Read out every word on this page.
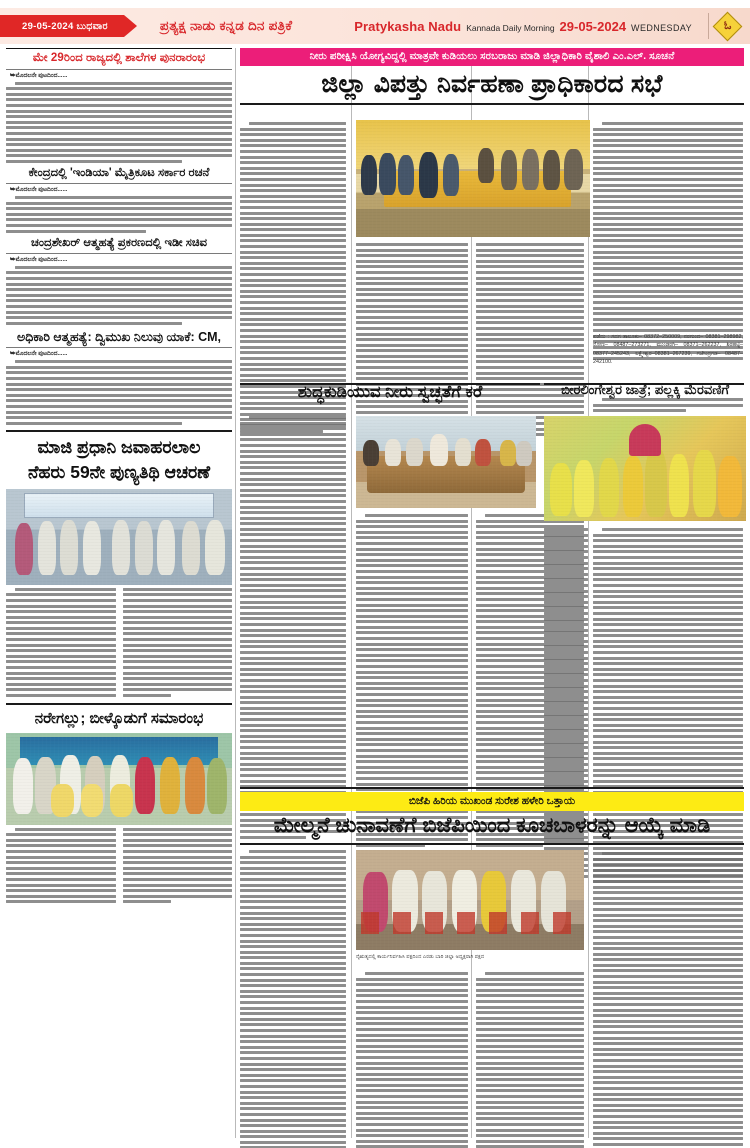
29-05-2024 ಬುಧವಾರ	ಪ್ರತ್ಯಕ್ಷ ನಾಡು ಕನ್ನಡ ದಿನ ಪತ್ರಿಕೆ	Pratykasha Nadu Kannada Daily Morning 29-05-2024 WEDNESDAY	ಓ
ಮೇ 29ರಿಂದ ರಾಜ್ಯದಲ್ಲಿ ಶಾಲೆಗಳ ಪುನರಾರಂಭ
➥ಮೊದಲನೇ ಪುಟದಿಂದ......
ಕೇಂದ್ರದಲ್ಲಿ 'ಇಂಡಿಯಾ' ಮೈತ್ರಿಕೂಟ ಸರ್ಕಾರ ರಚನೆ
➥ಮೊದಲನೇ ಪುಟದಿಂದ......
ಚಂದ್ರಶೇಖರ್ ಆತ್ಮಹತ್ಯೆ ಪ್ರಕರಣದಲ್ಲಿ ಇಡೀ ಸಚಿವ
➥ಮೊದಲನೇ ಪುಟದಿಂದ......
ಅಧಿಕಾರಿ ಆತ್ಮಹತ್ಯೆ: ದ್ವಿಮುಖ ನಿಲುವು ಯಾಕೆ: CM,
➥ಮೊದಲನೇ ಪುಟದಿಂದ......
ಮಾಜಿ ಪ್ರಧಾನಿ ಜವಾಹರಲಾಲ
ನೆಹರು 59ನೇ ಪುಣ್ಯತಿಥಿ ಆಚರಣೆ
ನರೇಗಲ್ಲು; ಬೀಳ್ಕೊಡುಗೆ ಸಮಾರಂಭ
ನೀರು ಪರೀಕ್ಷಿಸಿ ಯೋಗ್ಯವಿದ್ದಲ್ಲಿ ಮಾತ್ರವೇ ಕುಡಿಯಲು ಸರಬರಾಜು ಮಾಡಿ ಜಿಲ್ಲಾಧಿಕಾರಿ ವೈಶಾಲಿ ಎಂ.ಎಲ್. ಸೂಚನೆ
ಜಿಲ್ಲಾ ವಿಪತ್ತು ನಿರ್ವಹಣಾ ಪ್ರಾಧಿಕಾರದ ಸಭೆ
ಪಡೆದು : ಗದಗ ತಾಲೂಕು– 08372–250009, ನರಗುಂದ– 08381–298982, ರೋಣ– 08487–273271, ಮುಂಡರಗಿ– 08371–262237, ಶಿರಹಟ್ಟಿ–08377–245243, ಲಕ್ಷ್ಮೇಶ್ವರ–08381–267239, ಗಜೇಂದ್ರಗಡ– 08487–242100.
ಶುದ್ಧಕುಡಿಯುವ ನೀರು ಸ್ವಚ್ಛತೆಗೆ ಕರೆ	ಬೀರಲಿಂಗೇಶ್ವರ ಜಾತ್ರೆ; ಪಲ್ಲಕ್ಕಿ ಮೆರವಣಿಗೆ
ಬಿಜೆಪಿ ಹಿರಿಯ ಮುಖಂಡ ಸುರೇಶ ಹಳೇರಿ ಒತ್ತಾಯ
ಮೇಲ್ಮನೆ ಚುನಾವಣೆಗೆ ಬಿಜೆಪಿಯಿಂದ ಕೂಚಬಾಳರನ್ನು ಆಯ್ಕೆ ಮಾಡಿ
ನೈಋತ್ಯದಲ್ಲಿ ಕಾರ್ಯನಿರ್ವಹಿಸಿ ಪಕ್ಷದಿಂದ ಎರಡು ಬಾರಿ ಜಿಲ್ಲಾ ಅಧ್ಯಕ್ಷರಾಗಿ ಪಕ್ಷದ
